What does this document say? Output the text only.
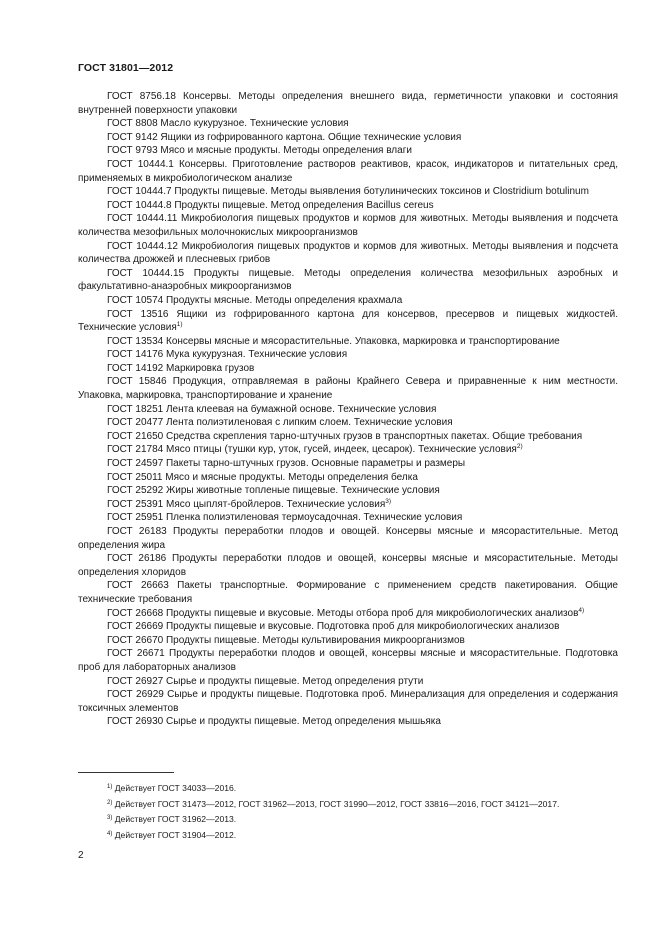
ГОСТ 31801—2012

ГОСТ 8756.18 Консервы. Методы определения внешнего вида, герметичности упаковки и состояния внутренней поверхности упаковки

ГОСТ 8808 Масло кукурузное. Технические условия

ГОСТ 9142 Ящики из гофрированного картона. Общие технические условия

ГОСТ 9793 Мясо и мясные продукты. Методы определения влаги

ГОСТ 10444.1 Консервы. Приготовление растворов реактивов, красок, индикаторов и питательных сред, применяемых в микробиологическом анализе

ГОСТ 10444.7 Продукты пищевые. Методы выявления ботулинических токсинов и Clostridium botulinum

ГОСТ 10444.8 Продукты пищевые. Метод определения Bacillus cereus

ГОСТ 10444.11 Микробиология пищевых продуктов и кормов для животных. Методы выявления и подсчета количества мезофильных молочнокислых микроорганизмов

ГОСТ 10444.12 Микробиология пищевых продуктов и кормов для животных. Методы выявления и подсчета количества дрожжей и плесневых грибов

ГОСТ 10444.15 Продукты пищевые. Методы определения количества мезофильных аэробных и факультативно-анаэробных микроорганизмов

ГОСТ 10574 Продукты мясные. Методы определения крахмала

ГОСТ 13516 Ящики из гофрированного картона для консервов, пресервов и пищевых жидкостей. Технические условия$^{1)}$

ГОСТ 13534 Консервы мясные и мясорастительные. Упаковка, маркировка и транспортирование

ГОСТ 14176 Мука кукурузная. Технические условия

ГОСТ 14192 Маркировка грузов

ГОСТ 15846 Продукция, отправляемая в районы Крайнего Севера и приравненные к ним местности. Упаковка, маркировка, транспортирование и хранение

ГОСТ 18251 Лента клеевая на бумажной основе. Технические условия

ГОСТ 20477 Лента полиэтиленовая с липким слоем. Технические условия

ГОСТ 21650 Средства скрепления тарно-штучных грузов в транспортных пакетах. Общие требования

ГОСТ 21784 Мясо птицы (тушки кур, уток, гусей, индеек, цесарок). Технические условия$^{2)}$

ГОСТ 24597 Пакеты тарно-штучных грузов. Основные параметры и размеры

ГОСТ 25011 Мясо и мясные продукты. Методы определения белка

ГОСТ 25292 Жиры животные топленые пищевые. Технические условия

ГОСТ 25391 Мясо цыплят-бройлеров. Технические условия$^{3)}$

ГОСТ 25951 Пленка полиэтиленовая термоусадочная. Технические условия

ГОСТ 26183 Продукты переработки плодов и овощей. Консервы мясные и мясорастительные. Метод определения жира

ГОСТ 26186 Продукты переработки плодов и овощей, консервы мясные и мясорастительные. Методы определения хлоридов

ГОСТ 26663 Пакеты транспортные. Формирование с применением средств пакетирования. Общие технические требования

ГОСТ 26668 Продукты пищевые и вкусовые. Методы отбора проб для микробиологических анализов$^{4)}$

ГОСТ 26669 Продукты пищевые и вкусовые. Подготовка проб для микробиологических анализов

ГОСТ 26670 Продукты пищевые. Методы культивирования микроорганизмов

ГОСТ 26671 Продукты переработки плодов и овощей, консервы мясные и мясорастительные. Подготовка проб для лабораторных анализов

ГОСТ 26927 Сырье и продукты пищевые. Метод определения ртути

ГОСТ 26929 Сырье и продукты пищевые. Подготовка проб. Минерализация для определения и содержания токсичных элементов

ГОСТ 26930 Сырье и продукты пищевые. Метод определения мышьяка

$^{1)}$ Действует ГОСТ 34033—2016.
$^{2)}$ Действует ГОСТ 31473—2012, ГОСТ 31962—2013, ГОСТ 31990—2012, ГОСТ 33816—2016, ГОСТ 34121—2017.
$^{3)}$ Действует ГОСТ 31962—2013.
$^{4)}$ Действует ГОСТ 31904—2012.
2
